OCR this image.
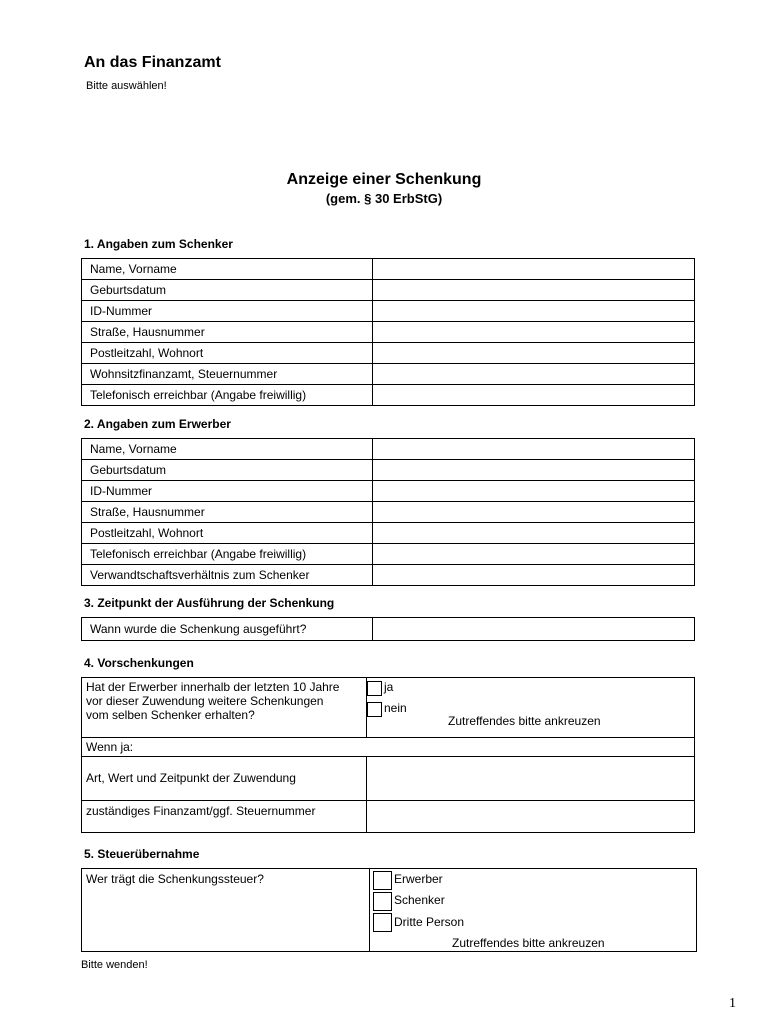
An das Finanzamt
Bitte auswählen!
Anzeige einer Schenkung
(gem. § 30 ErbStG)
1. Angaben zum Schenker
Name, Vorname	
Geburtsdatum	
ID-Nummer	
Straße, Hausnummer	
Postleitzahl, Wohnort	
Wohnsitzfinanzamt, Steuernummer	
Telefonisch erreichbar (Angabe freiwillig)	
2. Angaben zum Erwerber
Name, Vorname	
Geburtsdatum	
ID-Nummer	
Straße, Hausnummer	
Postleitzahl, Wohnort	
Telefonisch erreichbar (Angabe freiwillig)	
Verwandtschaftsverhältnis zum Schenker	
3. Zeitpunkt der Ausführung der Schenkung
Wann wurde die Schenkung ausgeführt?	
4. Vorschenkungen
Hat der Erwerber innerhalb der letzten 10 Jahre
vor dieser Zuwendung weitere Schenkungen
vom selben Schenker erhalten?
ja
nein
Zutreffendes bitte ankreuzen
Wenn ja:
Art, Wert und Zeitpunkt der Zuwendung
zuständiges Finanzamt/ggf. Steuernummer
5. Steuerübernahme
Wer trägt die Schenkungssteuer?	Erwerber
Schenker
Dritte Person
Zutreffendes bitte ankreuzen
Bitte wenden!
1
